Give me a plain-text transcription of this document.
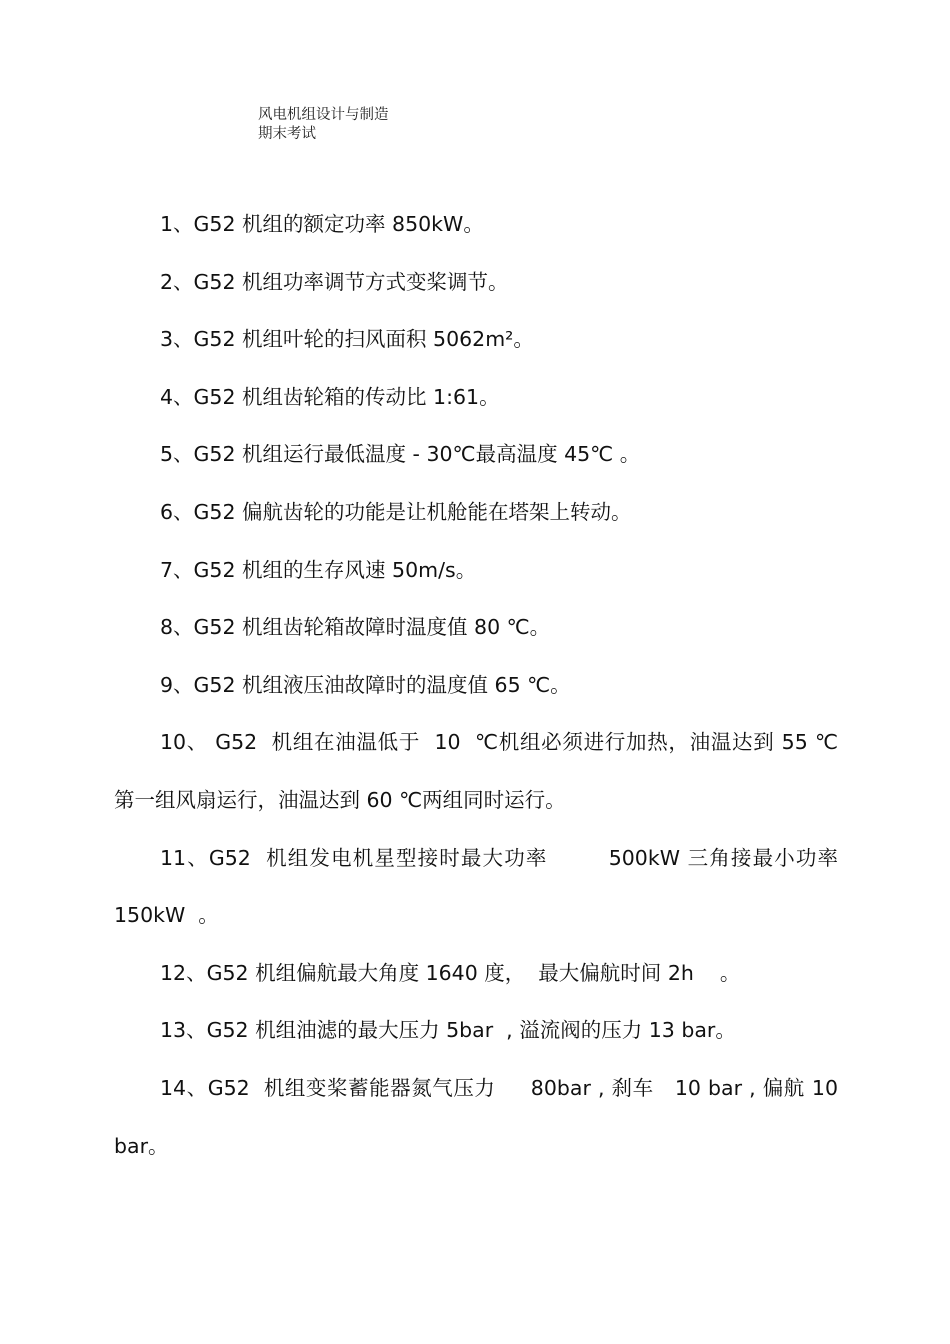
风电机组设计与制造
期末考试

1、G52 机组的额定功率 850kW。

2、G52 机组功率调节方式变桨调节。

3、G52 机组叶轮的扫风面积 5062m²。

4、G52 机组齿轮箱的传动比 1:61。

5、G52 机组运行最低温度 - 30℃最高温度 45℃ 。

6、G52 偏航齿轮的功能是让机舱能在塔架上转动。

7、G52 机组的生存风速 50m/s。

8、G52 机组齿轮箱故障时温度值 80 ℃。

9、G52 机组液压油故障时的温度值 65 ℃。

10、 G52  机组在油温低于  10  ℃机组必须进行加热，油温达到 55 ℃  第一组风扇运行，油温达到 60 ℃两组同时运行。

11、G52  机组发电机星型接时最大功率        500kW 三角接最小功率  150kW  。

12、G52 机组偏航最大角度 1640 度，  最大偏航时间 2h    。

13、G52 机组油滤的最大压力 5bar  , 溢流阀的压力 13 bar。

14、G52  机组变桨蓄能器氮气压力     80bar , 刹车   10 bar , 偏航 10 bar。
